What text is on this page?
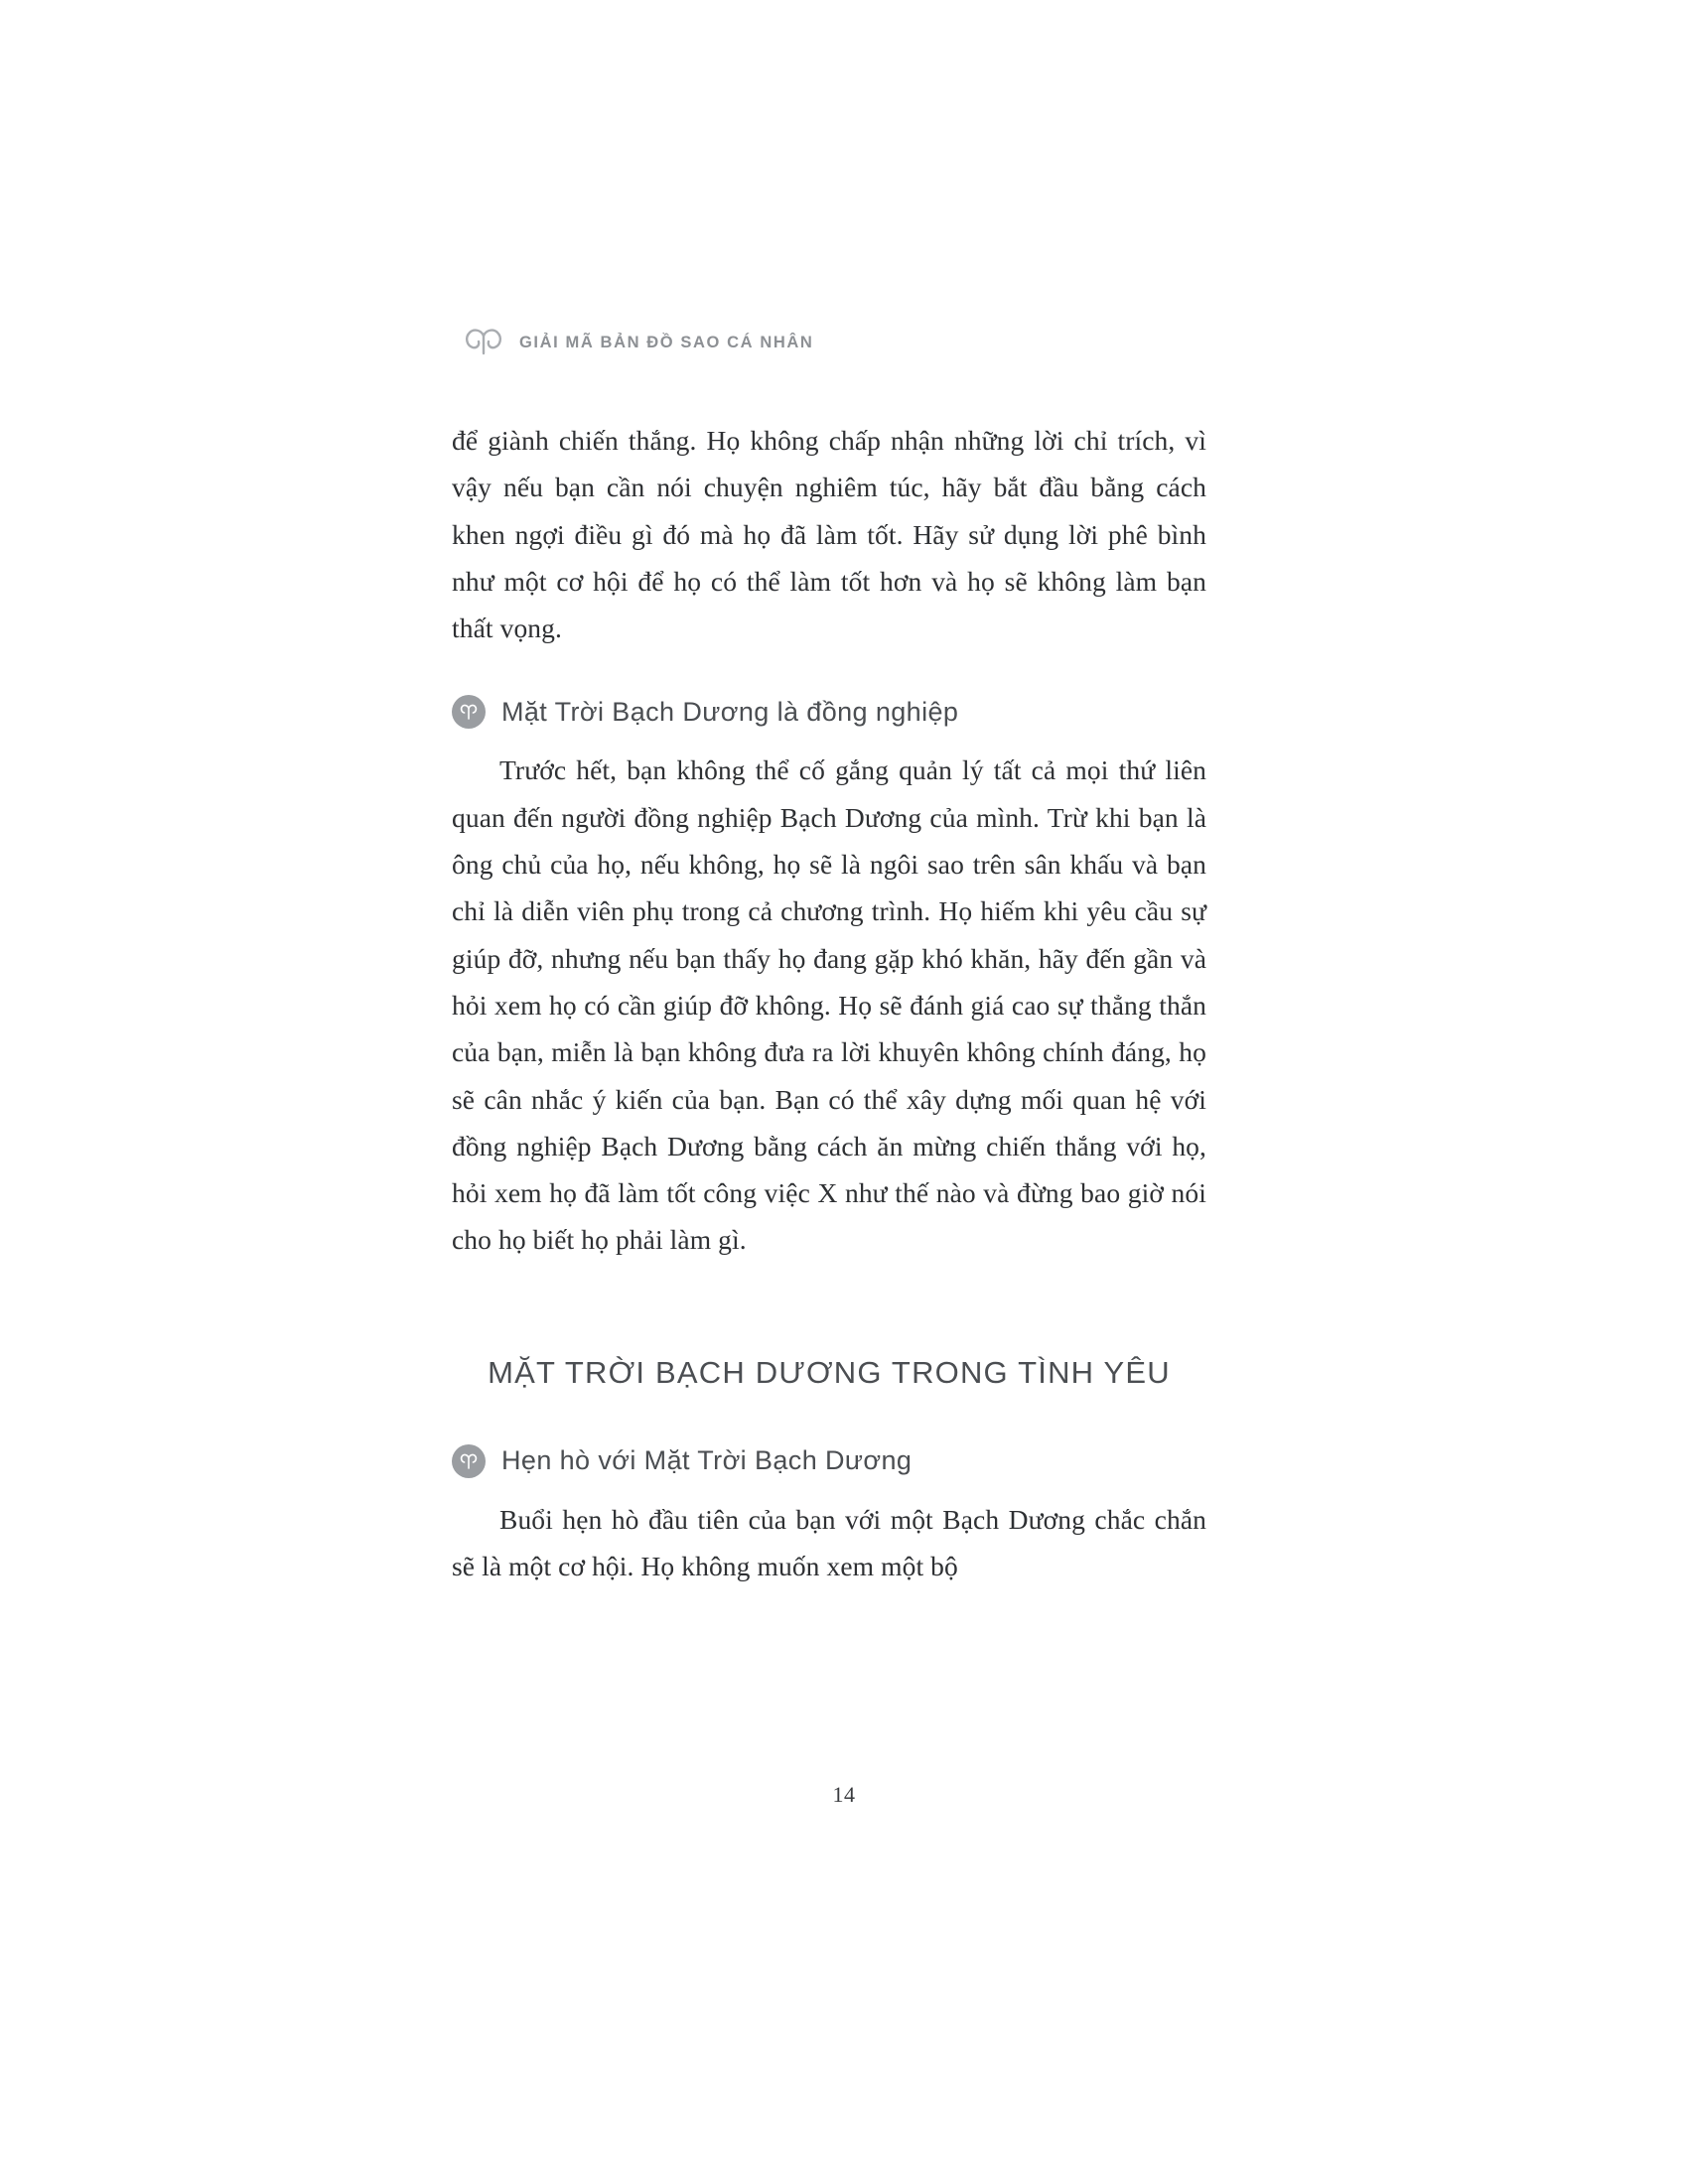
GIẢI MÃ BẢN ĐỒ SAO CÁ NHÂN

để giành chiến thắng. Họ không chấp nhận những lời chỉ trích, vì vậy nếu bạn cần nói chuyện nghiêm túc, hãy bắt đầu bằng cách khen ngợi điều gì đó mà họ đã làm tốt. Hãy sử dụng lời phê bình như một cơ hội để họ có thể làm tốt hơn và họ sẽ không làm bạn thất vọng.

Mặt Trời Bạch Dương là đồng nghiệp

Trước hết, bạn không thể cố gắng quản lý tất cả mọi thứ liên quan đến người đồng nghiệp Bạch Dương của mình. Trừ khi bạn là ông chủ của họ, nếu không, họ sẽ là ngôi sao trên sân khấu và bạn chỉ là diễn viên phụ trong cả chương trình. Họ hiếm khi yêu cầu sự giúp đỡ, nhưng nếu bạn thấy họ đang gặp khó khăn, hãy đến gần và hỏi xem họ có cần giúp đỡ không. Họ sẽ đánh giá cao sự thẳng thắn của bạn, miễn là bạn không đưa ra lời khuyên không chính đáng, họ sẽ cân nhắc ý kiến của bạn. Bạn có thể xây dựng mối quan hệ với đồng nghiệp Bạch Dương bằng cách ăn mừng chiến thắng với họ, hỏi xem họ đã làm tốt công việc X như thế nào và đừng bao giờ nói cho họ biết họ phải làm gì.

MẶT TRỜI BẠCH DƯƠNG TRONG TÌNH YÊU
Hẹn hò với Mặt Trời Bạch Dương

Buổi hẹn hò đầu tiên của bạn với một Bạch Dương chắc chắn sẽ là một cơ hội. Họ không muốn xem một bộ

14
